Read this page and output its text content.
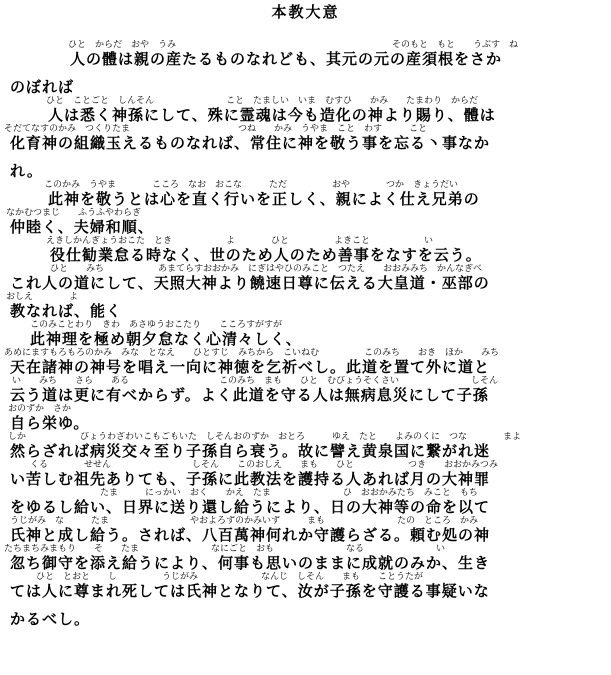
本教大意
ひと　からだ　おや　うみ　　　　　　　　　　　　　　　　　　　　　　　　そのもと　もと　　うぶす　ね
人の體は親の産たるものなれども、其元の元の産須根をさか
のぼれば
ひと　ことごと　しんそん　　　　　　　　こと　たましい　いま　むすひ　　かみ　　たまわり　からだ
人は悉く神孫にして、殊に霊魂は今も造化の神より賜り、體は
そだてなすのかみ　つくりたま　　　　　　　　　　　　つね　　かみ　うやま　こと　わす　　　こと
化育神の組織玉えるものなれば、常住に神を敬う事を忘る丶事なか
れ。
このかみ　うやま　　　　こころ　なお　おこな　　　ただ　　　　　おや　　　　つか　きょうだい
此神を敬うとは心を直く行いを正しく、親によく仕え兄弟の
なかむつまじ　　ふうふやわらぎ
仲睦く、夫婦和順、
えきしかんぎょうおこた　とき　　　　　　よ　　　　ひと　　　　　よきこと　　　　　　い
役仕勧業怠る時なく、世のため人のため善事をなすを云う。
ひと　　みち　　　　　　あまてらすおおかみ　にぎはやひのみこと　つたえ　　おおみみち　かんなぎべ
これ人の道にして、天照大神より饒速日尊に伝える大皇道・巫部の
おしえ　　　　よ
教なれば、能く
このみことわり　きわ　あさゆうおこたり　　こころすがすが
此神理を極め朝夕怠なく心清々しく、
あめにますもろもろのかみ　みな　となえ　　ひとすじ　みちから　こいねむ　　　　　このみち　　おき　ほか　　みち
天在諸神の神号を唱え一向に神徳を乞祈べし。此道を置て外に道と
い　　みち　　さら　　ある　　　　　　　　　　このみち　まも　　ひと　むびょうそくさい　　　　　　　　しそん
云う道は更に有べからず。よく此道を守る人は無病息災にして子孫
おのずか　さか
自ら栄ゆ。
しか　　　　　　びょうわざわいこもごもいた　しそんおのずか　おとろ　　　ゆえ　たと　　よみのくに　つな　　　　まよ
然らざれば病災交々至り子孫自ら衰う。故に譬え黄泉国に繋がれ迷
くる　　　　せせん　　　　　　　　　しそん　　このおしえ　　まも　　ひと　　　　　　つき　　おおかみつみ
い苦しむ祖先ありても、子孫に此教法を護持る人あれば月の大神罪
たま　　　にっかい　おく　　かえ　たま　　　　　　　　ひ　おおかみたち　みこと　もち
をゆるし給い、日界に送り還し給うにより、日の大神等の命を以て
うじがみ　な　　　たま　　　　　　　　　やおよろずのかみいず　　　まも　　　　　　　　たの　ところ　かみ
氏神と成し給う。されば、八百萬神何れか守護らざる。頼む処の神
たちまちみまもり　　そ　　たま　　　　　　　　なにごと　おも　　　　　　　　なる　　　　　　　　い
忽ち御守を添え給うにより、何事も思いのままに成就のみか、生き
ひと　とおと　　し　　　　　うじがみ　　　　　　　なんじ　しそん　　まも　　ことうたが
ては人に尊まれ死しては氏神となりて、汝が子孫を守護る事疑いな
かるべし。
